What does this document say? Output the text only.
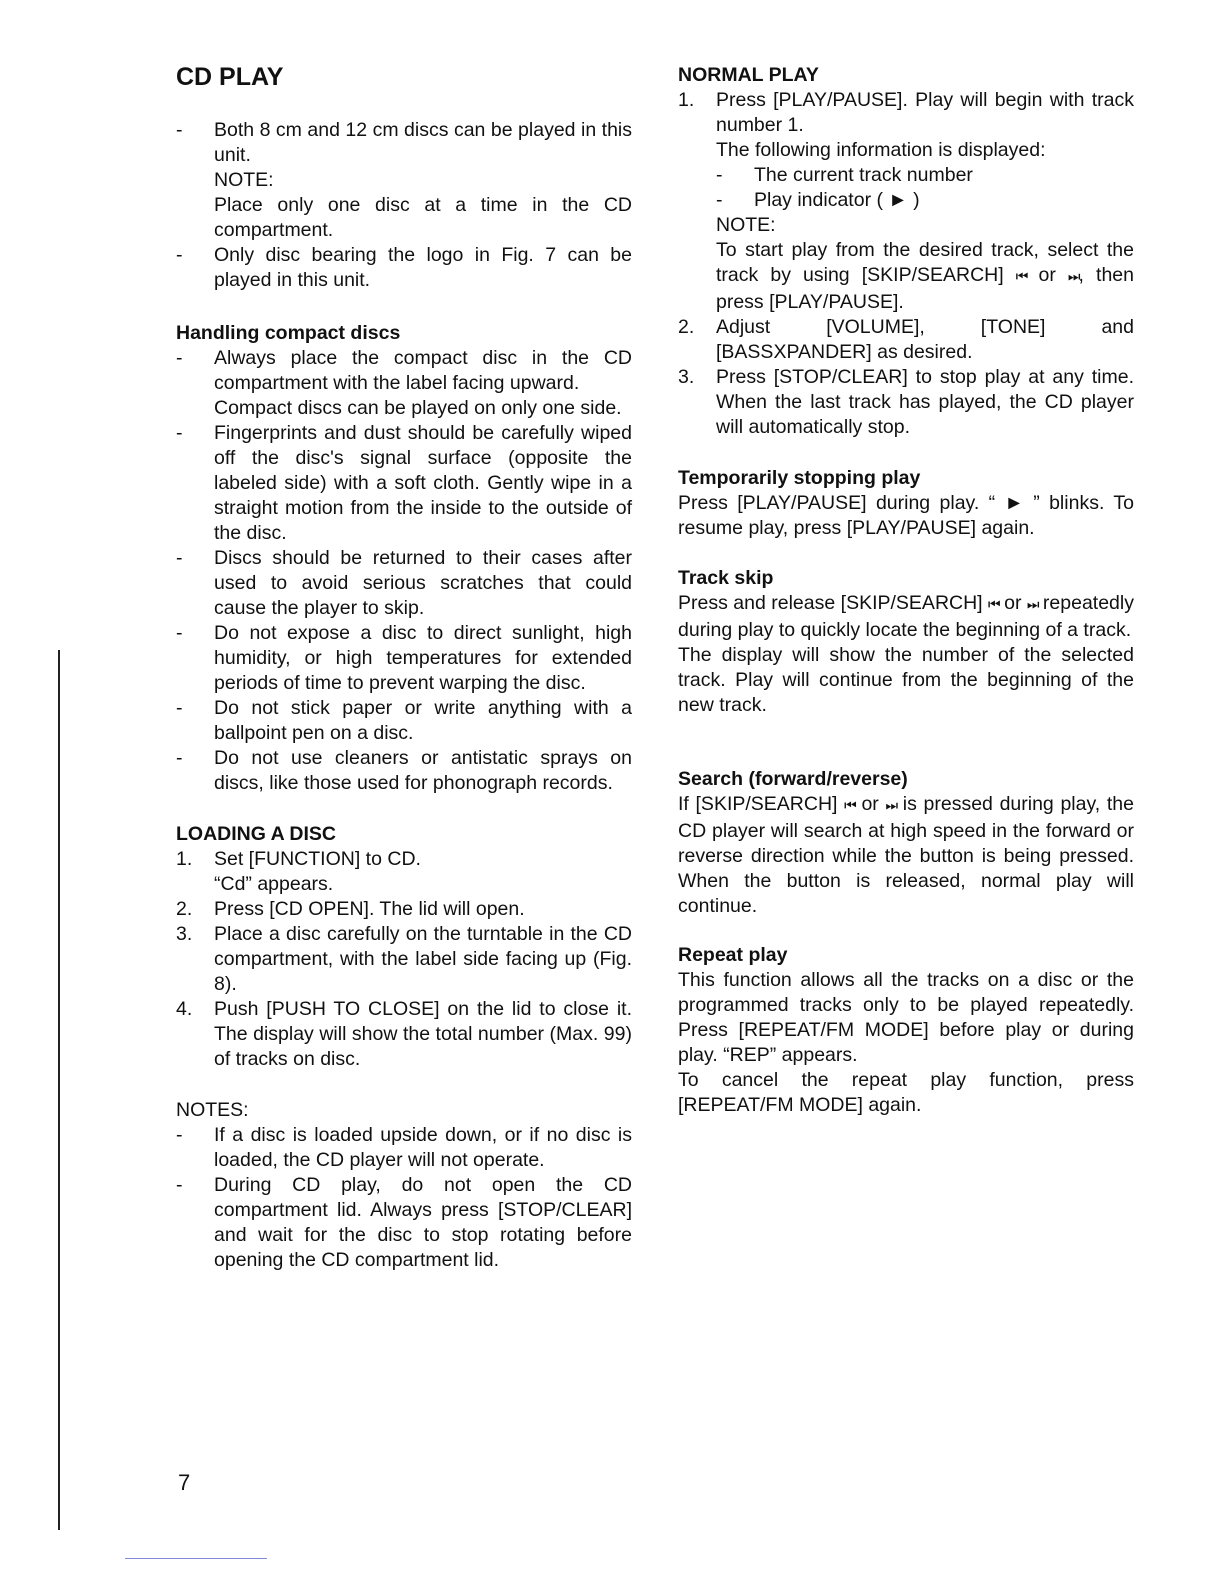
CD PLAY
- Both 8 cm and 12 cm discs can be played in this unit.
NOTE:
Place only one disc at a time in the CD compartment.
- Only disc bearing the logo in Fig. 7 can be played in this unit.
Handling compact discs
- Always place the compact disc in the CD compartment with the label facing upward.
Compact discs can be played on only one side.
- Fingerprints and dust should be carefully wiped off the disc's signal surface (opposite the labeled side) with a soft cloth. Gently wipe in a straight motion from the inside to the outside of the disc.
- Discs should be returned to their cases after used to avoid serious scratches that could cause the player to skip.
- Do not expose a disc to direct sunlight, high humidity, or high temperatures for extended periods of time to prevent warping the disc.
- Do not stick paper or write anything with a ballpoint pen on a disc.
- Do not use cleaners or antistatic sprays on discs, like those used for phonograph records.
LOADING A DISC
1. Set [FUNCTION] to CD.
“Cd” appears.
2. Press [CD OPEN]. The lid will open.
3. Place a disc carefully on the turntable in the CD compartment, with the label side facing up (Fig. 8).
4. Push [PUSH TO CLOSE] on the lid to close it. The display will show the total number (Max. 99) of tracks on disc.

NOTES:

- If a disc is loaded upside down, or if no disc is loaded, the CD player will not operate.
- During CD play, do not open the CD compartment lid. Always press [STOP/CLEAR] and wait for the disc to stop rotating before opening the CD compartment lid.
NORMAL PLAY
1. Press [PLAY/PAUSE]. Play will begin with track number 1.
The following information is displayed:
- The current track number
- Play indicator ( ► )
NOTE:
To start play from the desired track, select the track by using [SKIP/SEARCH] ⏮ or ⏭, then press [PLAY/PAUSE].
2. Adjust [VOLUME], [TONE] and [BASSXPANDER] as desired.
3. Press [STOP/CLEAR] to stop play at any time. When the last track has played, the CD player will automatically stop.
Temporarily stopping play

Press [PLAY/PAUSE] during play. “ ► ” blinks. To resume play, press [PLAY/PAUSE] again.

Track skip

Press and release [SKIP/SEARCH] ⏮ or ⏭ repeatedly during play to quickly locate the beginning of a track.

The display will show the number of the selected track. Play will continue from the beginning of the new track.

Search (forward/reverse)

If [SKIP/SEARCH] ⏮ or ⏭ is pressed during play, the CD player will search at high speed in the forward or reverse direction while the button is being pressed. When the button is released, normal play will continue.

Repeat play

This function allows all the tracks on a disc or the programmed tracks only to be played repeatedly. Press [REPEAT/FM MODE] before play or during play. “REP” appears.

To cancel the repeat play function, press [REPEAT/FM MODE] again.

7
